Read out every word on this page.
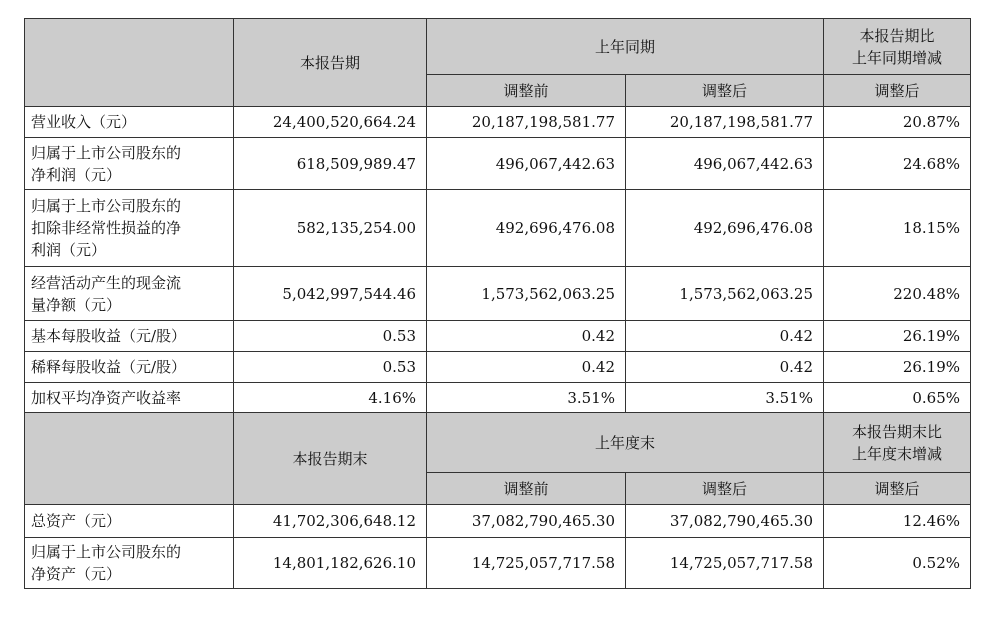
	本报告期	上年同期		本报告期比
上年同期增减

		调整前	调整后	调整后
营业收入（元）	24,400,520,664.24	20,187,198,581.77	20,187,198,581.77	20.87%

归属于上市公司股东的
净利润（元）	618,509,989.47	496,067,442.63	496,067,442.63	24.68%

归属于上市公司股东的
扣除非经常性损益的净
利润（元）	582,135,254.00	492,696,476.08	492,696,476.08	18.15%

经营活动产生的现金流
量净额（元）	5,042,997,544.46	1,573,562,063.25	1,573,562,063.25	220.48%
基本每股收益（元/股）	0.53	0.42	0.42	26.19%
稀释每股收益（元/股）	0.53	0.42	0.42	26.19%
加权平均净资产收益率	4.16%	3.51%	3.51%	0.65%
	本报告期末	上年度末		本报告期末比
上年度末增减

		调整前	调整后	调整后
总资产（元）	41,702,306,648.12	37,082,790,465.30	37,082,790,465.30	12.46%

归属于上市公司股东的
净资产（元）	14,801,182,626.10	14,725,057,717.58	14,725,057,717.58	0.52%
